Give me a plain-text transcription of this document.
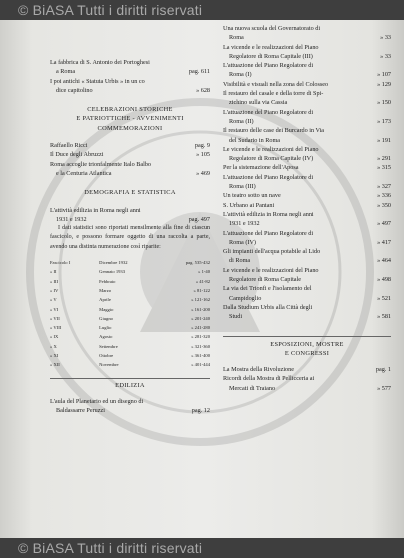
© BiASA Tutti i diritti riservati
La fabbrica di S. Antonio dei Portoghesi
a Roma	pag. 611
I poi antichi « Statuta Urbis » in un co
dice capitolino	» 628

CELEBRAZIONI STORICHE

E PATRIOTTICHE - AVVENIMENTI

COMMEMORAZIONI

Raffaello Ricci	pag. 9
Il Duce degli Abruzzi	» 105
Roma accoglie trionfalmente Italo Balbo
e la Centuria Atlantica	» 469

DEMOGRAFIA E STATISTICA

L'attività edilizia in Roma negli anni
1931 e 1932	pag. 497

I dati statistici sono riportati mensilmente alla fine di ciascun fascicolo, e possono formare oggetto di una raccolta a parte, avendo una distinta numerazione così riparite:

Fascicolo I	Dicembre 1932	pag. 535-432
» II	Gennaio 1933	» 1-40
» III	Febbraio	» 41-82
» IV	Marzo	» 81-122
» V	Aprile	» 121-162
» VI	Maggio	» 161-200
» VII	Giugno	» 201-240
» VIII	Luglio	» 241-280
» IX	Agosto	» 281-320
» X	Settembre	» 321-360
» XI	Ottobre	» 361-400
» XII	Novembre	» 401-444

EDILIZIA

L'aula del Planetario ed un disegno di
Baldassarre Peruzzi	pag. 12
Una nuova scuola del Governatorato di
Roma	» 33
La vicende e le realizzazioni del Piano
Regolatore di Roma Capitale (III)	» 33
L'attuazione del Piano Regolatore di
Roma (I)	» 107
Visibilità e visuali nella zona del Colosseo	» 129
Il restauro del casale e della torre di Spi-
zichino sulla via Cassia	» 150
L'attuazione del Piano Regolatore di
Roma (II)	» 173
Il restauro delle case dei Burcardo in Via
del Sudario in Roma	» 191
Le vicende e le realizzazioni del Piano
Regolatore di Roma Capitale (IV)	» 291
Per la sistemazione dell'Aposa	» 315
L'attuazione del Piano Regolatore di
Roma (III)	» 327
Un teatro sotto un nave	» 336
S. Urbano ai Pantani	» 350
L'attività edilizia in Roma negli anni
1931 e 1932	» 497
L'attuazione del Piano Regolatore di
Roma (IV)	» 417
Gli impianti dell'acqua potabile al Lido
di Roma	» 464
Le vicende e le realizzazioni del Piano
Regolatore di Roma Capitale	» 498
La via dei Trionfi e l'isolamento del
Campidoglio	» 521
Dalla Studium Urbis alla Città degli
Studi	» 581

ESPOSIZIONI, MOSTRE

E CONGRESSI

La Mostra della Rivoluzione	pag. 1
Ricordi della Mostra di Pellicceria ai
Mercati di Traiano	» 577
© BiASA Tutti i diritti riservati
